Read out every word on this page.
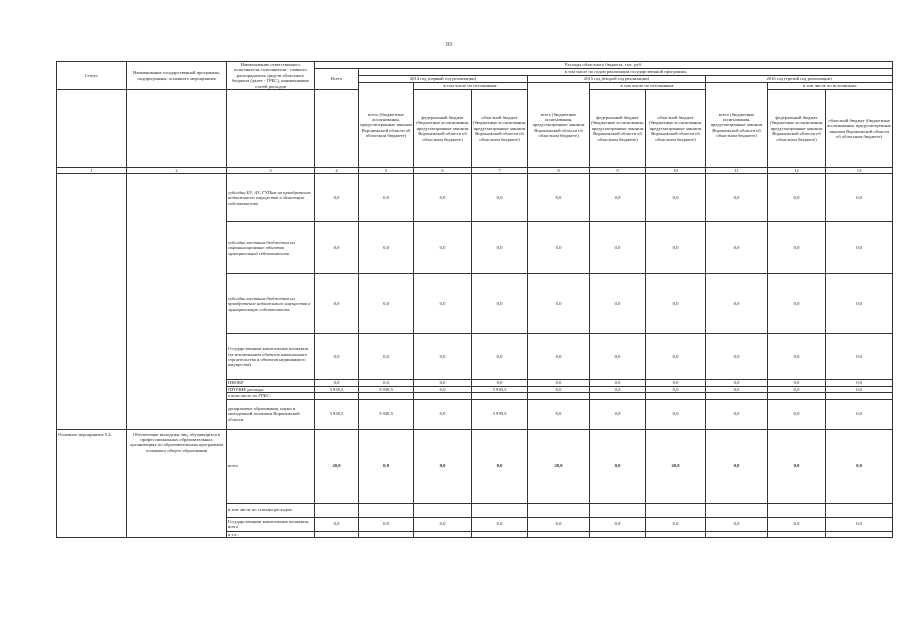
93
Статус	Наименование государственной программы, подпрограммы, основного мероприятия	Наименование ответственного исполнителя, исполнителя - главного распорядителя средств областного бюджета (далее - ГРБС), наименование статей расходов	Расходы областного бюджета, тыс. руб.									
			Всего	в том числе по годам реализации государственной программы								
				2014 год (первый год реализации)			2015 год (второй год реализации)			2016 год (третий год реализации)		
				всего (бюджетные ассигнования, предусмотренные законом Воронежской области об областном бюджете)	в том числе по источникам:		всего (бюджетные ассигнования, предусмотренные законом Воронежской области об областном бюджете)	в том числе по источникам:		всего (бюджетные ассигнования, предусмотренные законом Воронежской области об областном бюджете)	в том числе по источникам:	
					федеральный бюджет (бюджетные ассигнования, предусмотренные законом Воронежской области об областном бюджете)	областной бюджет (бюджетные ассигнования, предусмотренные законом Воронежской области об областном бюджете)		федеральный бюджет (бюджетные ассигнования, предусмотренные законом Воронежской области об областном бюджете)	областной бюджет (бюджетные ассигнования, предусмотренные законом Воронежской области об областном бюджете)		федеральный бюджет (бюджетные ассигнования, предусмотренные законом Воронежской области об областном бюджете)	областной бюджет (бюджетные ассигнования, предусмотренные законом Воронежской области об областном бюджете)
1	2	3	4	5	6	7	8	9	10	11	12	13
		субсидии БУ, АУ, ГУПам на приобретение недвижимого имущества в областную собственность	0,0	0,0	0,0	0,0	0,0	0,0	0,0	0,0	0,0	0,0
		субсидии местным бюджетам на софинансирование объектов муниципальной собственности	0,0	0,0	0,0	0,0	0,0	0,0	0,0	0,0	0,0	0,0
		субсидии местным бюджетам на приобретение недвижимого имущества в муниципальную собственность	0,0	0,0	0,0	0,0	0,0	0,0	0,0	0,0	0,0	0,0
		Государственные капитальные вложения (за исключением объектов капитального строительства и объектов недвижимого имущества)	0,0	0,0	0,0	0,0	0,0	0,0	0,0	0,0	0,0	0,0
		НИОКР	0,0	0,0	0,0	0,0	0,0	0,0	0,0	0,0	0,0	0,0
		ПРОЧИЕ расходы	3 939,5	3 939,5	0,0	3 939,5	0,0	0,0	0,0	0,0	0,0	0,0
		в том числе по ГРБС:										
		департамент образования, науки и молодежной политики Воронежской области	3 939,5	3 939,5	0,0	3 939,5	0,0	0,0	0,0	0,0	0,0	0,0
Основное мероприятие 5.4.	Обеспечение молодежи лиц, обучающихся в профессиональных образовательных организациях по образовательным программам основного общего образования	всего	20,0	0,0	0,0	0,0	20,0	0,0	20,0	0,0	0,0	0,0
		в том числе по статьям расходов:										
		Государственные капитальные вложения, всего	0,0	0,0	0,0	0,0	0,0	0,0	0,0	0,0	0,0	0,0
		в т.ч.:										
